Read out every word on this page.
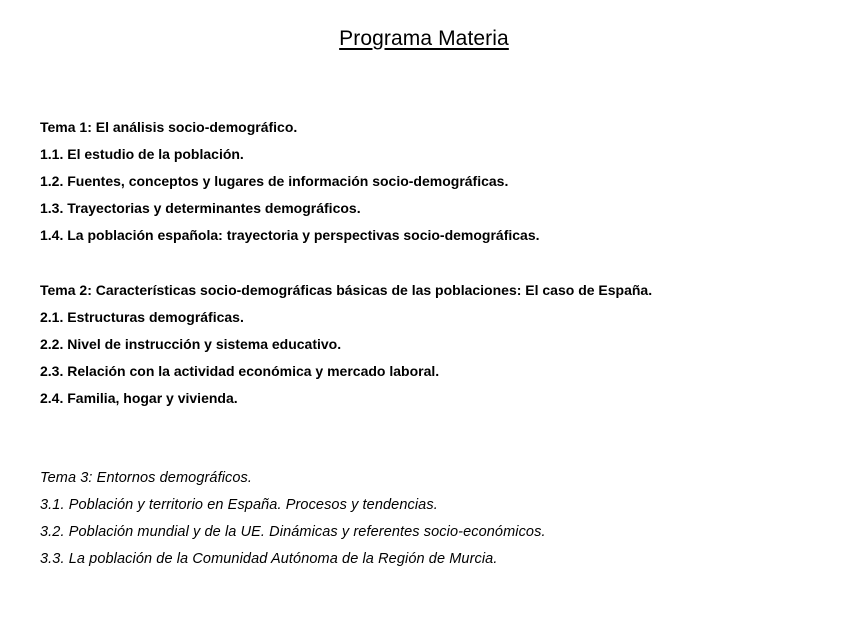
Programa Materia
Tema 1: El análisis socio-demográfico.
1.1. El estudio de la población.
1.2. Fuentes, conceptos y lugares de información socio-demográficas.
1.3. Trayectorias y determinantes demográficos.
1.4. La población española: trayectoria y perspectivas socio-demográficas.
Tema 2: Características socio-demográficas básicas de las poblaciones: El caso de España.
2.1. Estructuras demográficas.
2.2. Nivel de instrucción y sistema educativo.
2.3. Relación con la actividad económica y mercado laboral.
2.4. Familia, hogar y vivienda.
Tema 3: Entornos demográficos.
3.1. Población y territorio en España. Procesos y tendencias.
3.2. Población mundial y de la UE. Dinámicas y referentes socio-económicos.
3.3. La población de la Comunidad Autónoma de la Región de Murcia.
